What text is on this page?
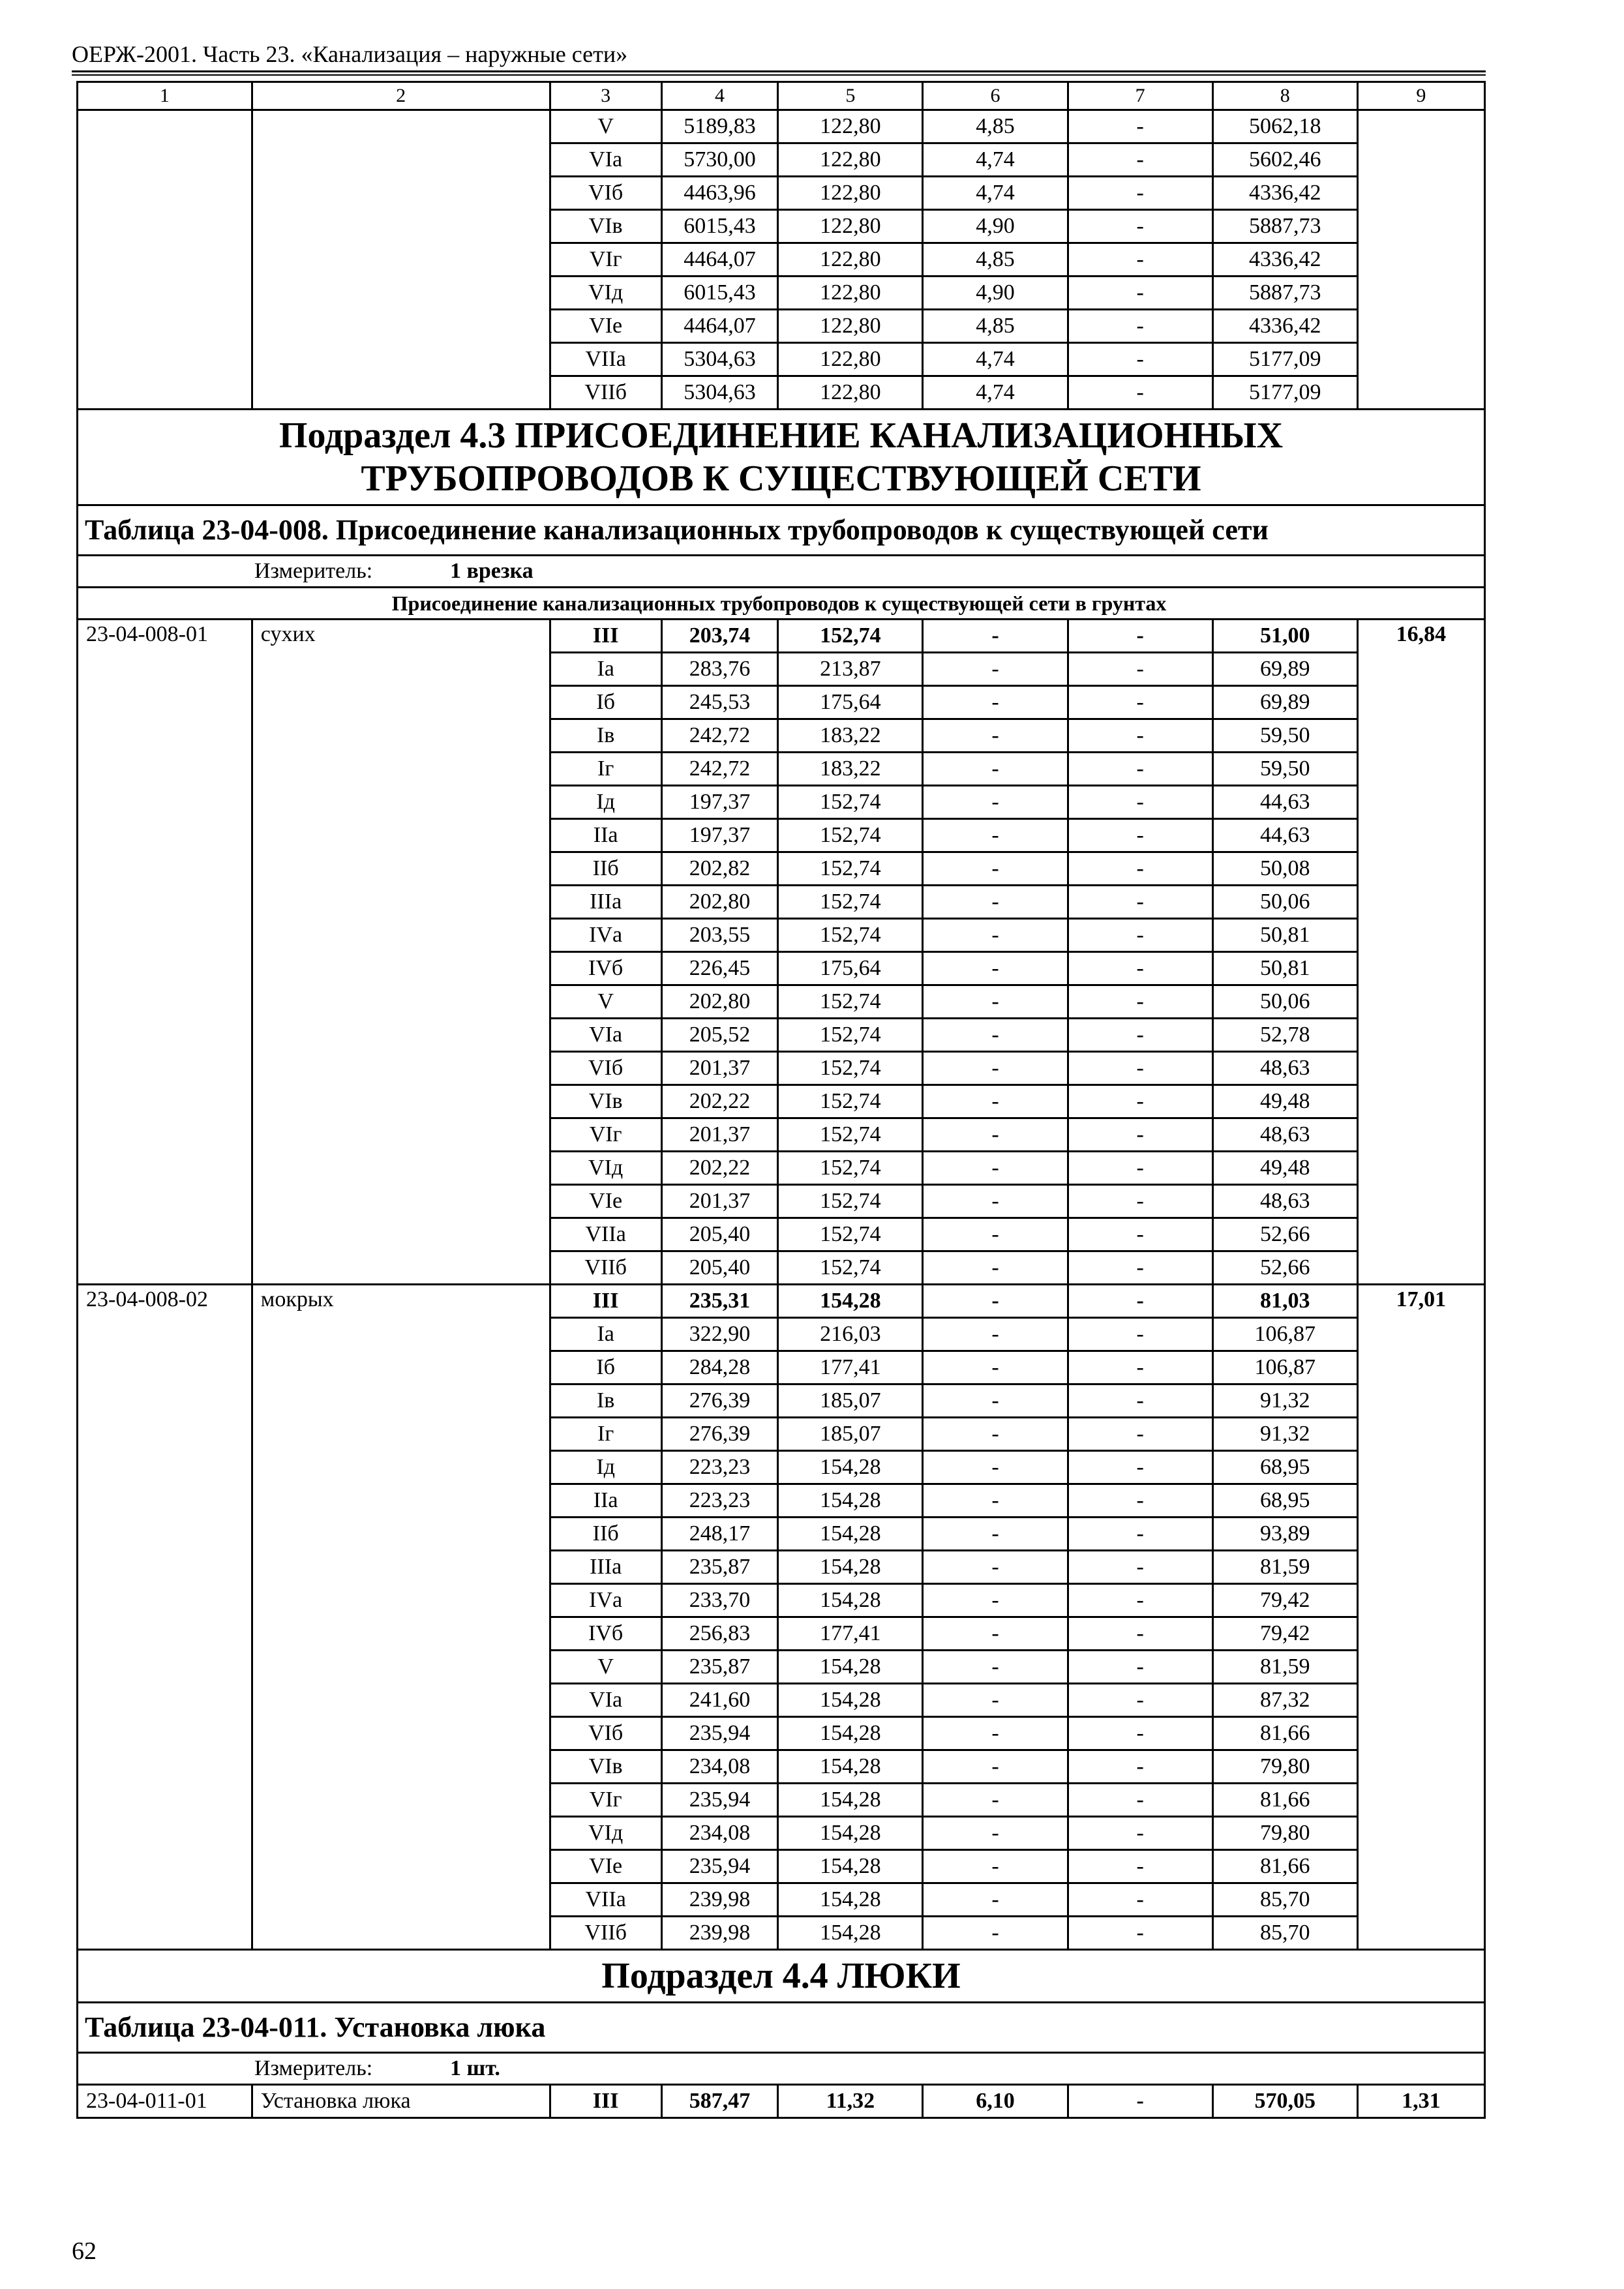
ОЕРЖ-2001. Часть 23. «Канализация – наружные сети»
1	2	3	4	5	6	7	8	9
		V	5189,83	122,80	4,85	-	5062,18	
		VIа	5730,00	122,80	4,74	-	5602,46	
		VIб	4463,96	122,80	4,74	-	4336,42	
		VIв	6015,43	122,80	4,90	-	5887,73	
		VIг	4464,07	122,80	4,85	-	4336,42	
		VIд	6015,43	122,80	4,90	-	5887,73	
		VIе	4464,07	122,80	4,85	-	4336,42	
		VIIа	5304,63	122,80	4,74	-	5177,09	
		VIIб	5304,63	122,80	4,74	-	5177,09	

Подраздел 4.3 ПРИСОЕДИНЕНИЕ КАНАЛИЗАЦИОННЫХ
ТРУБОПРОВОДОВ К СУЩЕСТВУЮЩЕЙ СЕТИ								

Таблица 23-04-008. Присоединение канализационных трубопроводов к существующей сети								
Измеритель: 1 врезка								
Присоединение канализационных трубопроводов к существующей сети в грунтах								
23-04-008-01	сухих	III	203,74	152,74	-	-	51,00	16,84
		Iа	283,76	213,87	-	-	69,89	
		Iб	245,53	175,64	-	-	69,89	
		Iв	242,72	183,22	-	-	59,50	
		Iг	242,72	183,22	-	-	59,50	
		Iд	197,37	152,74	-	-	44,63	
		IIа	197,37	152,74	-	-	44,63	
		IIб	202,82	152,74	-	-	50,08	
		IIIа	202,80	152,74	-	-	50,06	
		IVа	203,55	152,74	-	-	50,81	
		IVб	226,45	175,64	-	-	50,81	
		V	202,80	152,74	-	-	50,06	
		VIа	205,52	152,74	-	-	52,78	
		VIб	201,37	152,74	-	-	48,63	
		VIв	202,22	152,74	-	-	49,48	
		VIг	201,37	152,74	-	-	48,63	
		VIд	202,22	152,74	-	-	49,48	
		VIе	201,37	152,74	-	-	48,63	
		VIIа	205,40	152,74	-	-	52,66	
		VIIб	205,40	152,74	-	-	52,66	
23-04-008-02	мокрых	III	235,31	154,28	-	-	81,03	17,01
		Iа	322,90	216,03	-	-	106,87	
		Iб	284,28	177,41	-	-	106,87	
		Iв	276,39	185,07	-	-	91,32	
		Iг	276,39	185,07	-	-	91,32	
		Iд	223,23	154,28	-	-	68,95	
		IIа	223,23	154,28	-	-	68,95	
		IIб	248,17	154,28	-	-	93,89	
		IIIа	235,87	154,28	-	-	81,59	
		IVа	233,70	154,28	-	-	79,42	
		IVб	256,83	177,41	-	-	79,42	
		V	235,87	154,28	-	-	81,59	
		VIа	241,60	154,28	-	-	87,32	
		VIб	235,94	154,28	-	-	81,66	
		VIв	234,08	154,28	-	-	79,80	
		VIг	235,94	154,28	-	-	81,66	
		VIд	234,08	154,28	-	-	79,80	
		VIе	235,94	154,28	-	-	81,66	
		VIIа	239,98	154,28	-	-	85,70	
		VIIб	239,98	154,28	-	-	85,70	
Подраздел 4.4 ЛЮКИ								
Таблица 23-04-011. Установка люка								
Измеритель: 1 шт.								
23-04-011-01	Установка люка	III	587,47	11,32	6,10	-	570,05	1,31
62
